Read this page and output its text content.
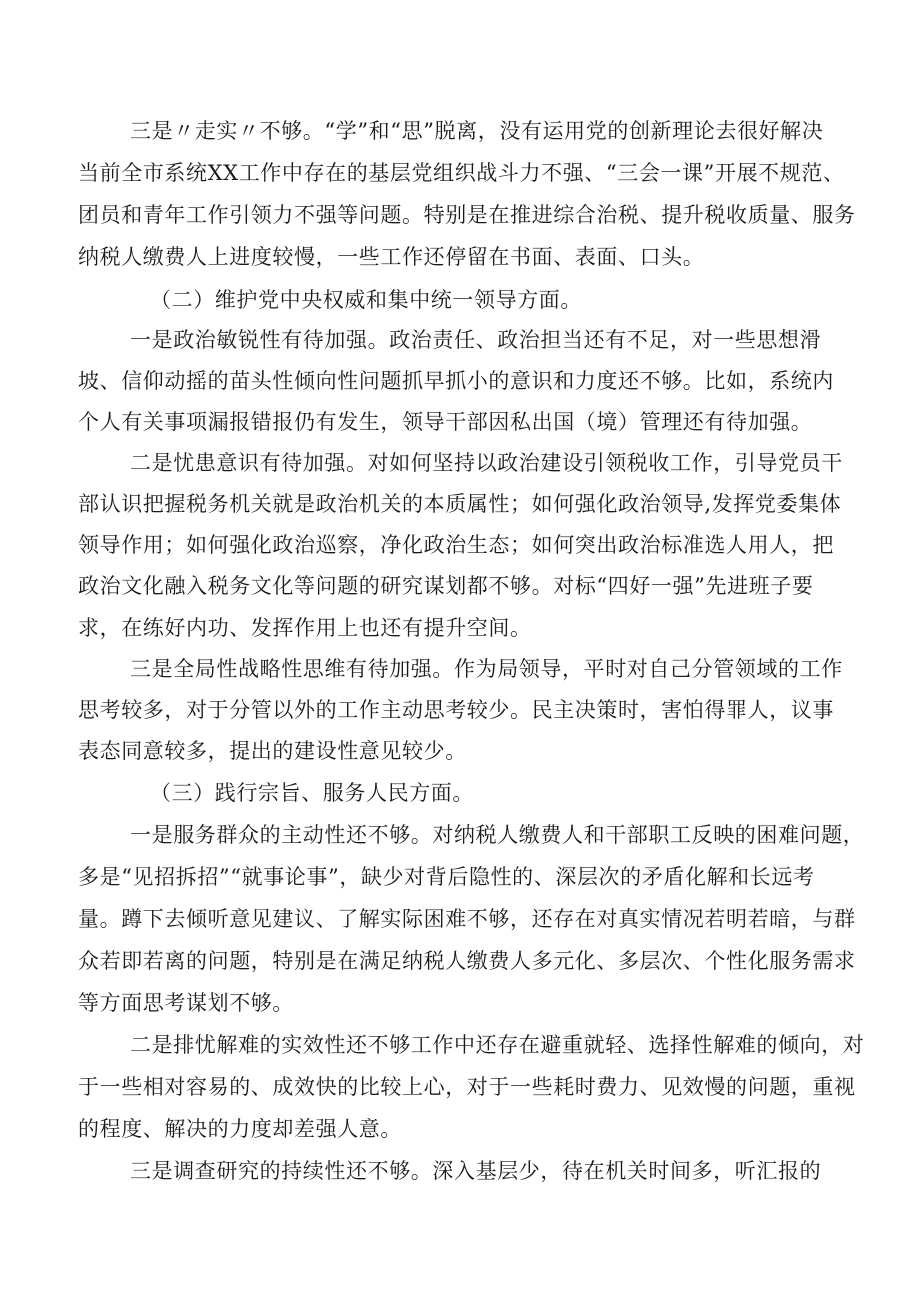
三是〃走实〃不够。“学”和“思”脱离，没有运用党的创新理论去很好解决
当前全市系统XX工作中存在的基层党组织战斗力不强、“三会一课”开展不规范、
团员和青年工作引领力不强等问题。特别是在推进综合治税、提升税收质量、服务
纳税人缴费人上进度较慢，一些工作还停留在书面、表面、口头。
（二）维护党中央权威和集中统一领导方面。
一是政治敏锐性有待加强。政治责任、政治担当还有不足，对一些思想滑
坡、信仰动摇的苗头性倾向性问题抓早抓小的意识和力度还不够。比如，系统内
个人有关事项漏报错报仍有发生，领导干部因私出国（境）管理还有待加强。
二是忧患意识有待加强。对如何坚持以政治建设引领税收工作，引导党员干
部认识把握税务机关就是政治机关的本质属性；如何强化政治领导,发挥党委集体
领导作用；如何强化政治巡察，净化政治生态；如何突出政治标准选人用人，把
政治文化融入税务文化等问题的研究谋划都不够。对标“四好一强”先进班子要
求，在练好内功、发挥作用上也还有提升空间。
三是全局性战略性思维有待加强。作为局领导，平时对自己分管领域的工作
思考较多，对于分管以外的工作主动思考较少。民主决策时，害怕得罪人，议事
表态同意较多，提出的建设性意见较少。
（三）践行宗旨、服务人民方面。
一是服务群众的主动性还不够。对纳税人缴费人和干部职工反映的困难问题，
多是“见招拆招”“就事论事”，缺少对背后隐性的、深层次的矛盾化解和长远考
量。蹲下去倾听意见建议、了解实际困难不够，还存在对真实情况若明若暗，与群
众若即若离的问题，特别是在满足纳税人缴费人多元化、多层次、个性化服务需求
等方面思考谋划不够。
二是排忧解难的实效性还不够工作中还存在避重就轻、选择性解难的倾向，对
于一些相对容易的、成效快的比较上心，对于一些耗时费力、见效慢的问题，重视
的程度、解决的力度却差强人意。
三是调查研究的持续性还不够。深入基层少，待在机关时间多，听汇报的
